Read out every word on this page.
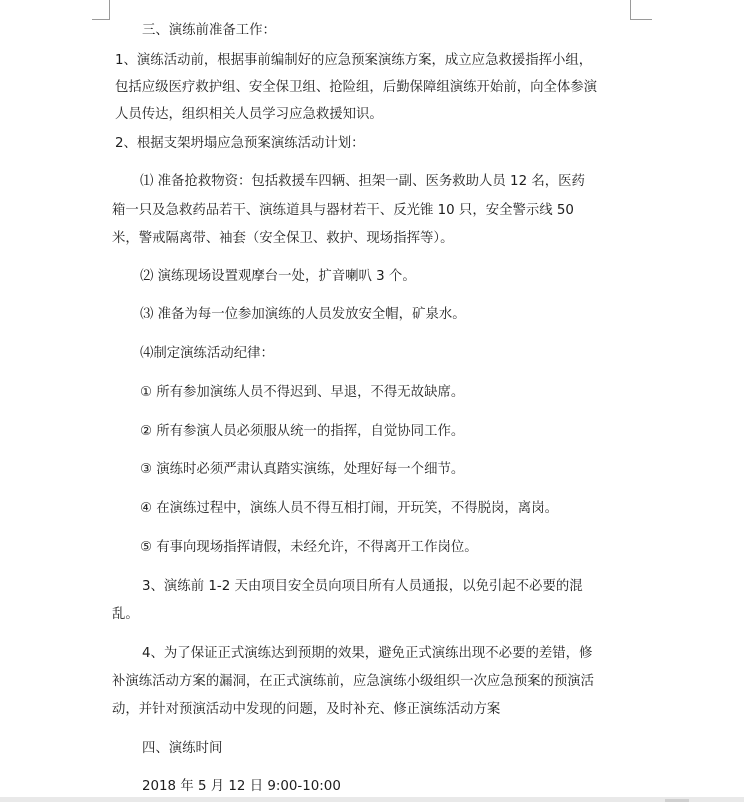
三、演练前准备工作：
1、演练活动前，根据事前编制好的应急预案演练方案，成立应急救援指挥小组，
包括应级医疗救护组、安全保卫组、抢险组，后勤保障组演练开始前，向全体参演
人员传达，组织相关人员学习应急救援知识。
2、根据支架坍塌应急预案演练活动计划：
⑴ 准备抢救物资：包括救援车四辆、担架一副、医务救助人员 12 名，医药
箱一只及急救药品若干、演练道具与器材若干、反光锥 10 只，安全警示线 50
米，警戒隔离带、袖套（安全保卫、救护、现场指挥等）。
⑵ 演练现场设置观摩台一处，扩音喇叭 3 个。
⑶ 准备为每一位参加演练的人员发放安全帽，矿泉水。
⑷制定演练活动纪律：
① 所有参加演练人员不得迟到、早退，不得无故缺席。
② 所有参演人员必须服从统一的指挥，自觉协同工作。
③ 演练时必须严肃认真踏实演练，处理好每一个细节。
④ 在演练过程中，演练人员不得互相打闹，开玩笑，不得脱岗，离岗。
⑤ 有事向现场指挥请假，未经允许，不得离开工作岗位。
3、演练前 1-2 天由项目安全员向项目所有人员通报，以免引起不必要的混
乱。
4、为了保证正式演练达到预期的效果，避免正式演练出现不必要的差错，修
补演练活动方案的漏洞，在正式演练前，应急演练小级组织一次应急预案的预演活
动，并针对预演活动中发现的问题，及时补充、修正演练活动方案
四、演练时间
2018 年 5 月 12 日 9:00-10:00
